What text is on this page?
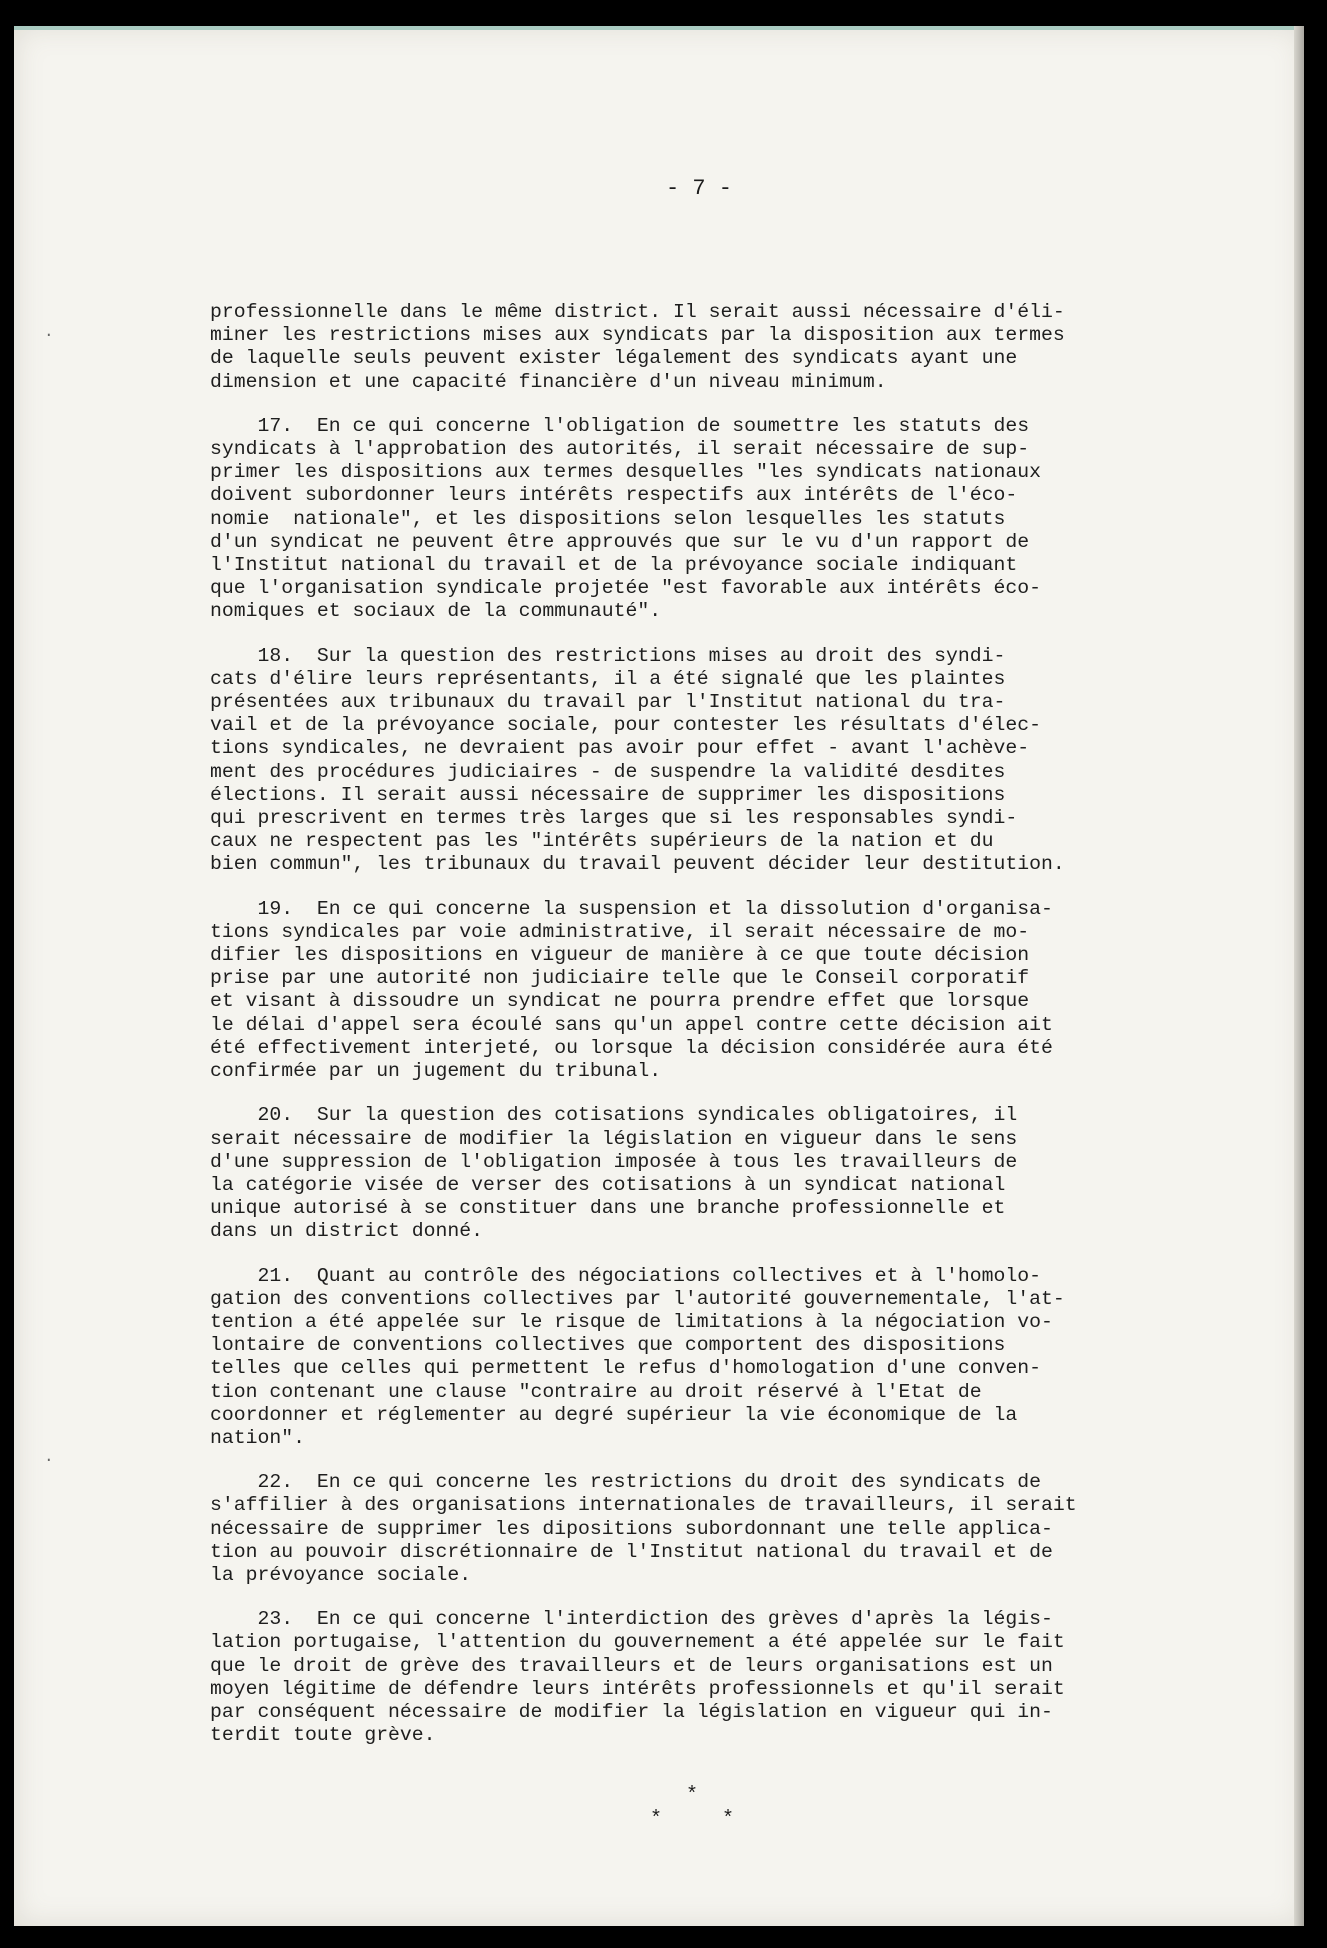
- 7 -
·
·
professionnelle dans le même district. Il serait aussi nécessaire d'éli-
miner les restrictions mises aux syndicats par la disposition aux termes
de laquelle seuls peuvent exister légalement des syndicats ayant une
dimension et une capacité financière d'un niveau minimum.
17.  En ce qui concerne l'obligation de soumettre les statuts des
syndicats à l'approbation des autorités, il serait nécessaire de sup-
primer les dispositions aux termes desquelles "les syndicats nationaux
doivent subordonner leurs intérêts respectifs aux intérêts de l'éco-
nomie  nationale", et les dispositions selon lesquelles les statuts
d'un syndicat ne peuvent être approuvés que sur le vu d'un rapport de
l'Institut national du travail et de la prévoyance sociale indiquant
que l'organisation syndicale projetée "est favorable aux intérêts éco-
nomiques et sociaux de la communauté".
18.  Sur la question des restrictions mises au droit des syndi-
cats d'élire leurs représentants, il a été signalé que les plaintes
présentées aux tribunaux du travail par l'Institut national du tra-
vail et de la prévoyance sociale, pour contester les résultats d'élec-
tions syndicales, ne devraient pas avoir pour effet - avant l'achève-
ment des procédures judiciaires - de suspendre la validité desdites
élections. Il serait aussi nécessaire de supprimer les dispositions
qui prescrivent en termes très larges que si les responsables syndi-
caux ne respectent pas les "intérêts supérieurs de la nation et du
bien commun", les tribunaux du travail peuvent décider leur destitution.
19.  En ce qui concerne la suspension et la dissolution d'organisa-
tions syndicales par voie administrative, il serait nécessaire de mo-
difier les dispositions en vigueur de manière à ce que toute décision
prise par une autorité non judiciaire telle que le Conseil corporatif
et visant à dissoudre un syndicat ne pourra prendre effet que lorsque
le délai d'appel sera écoulé sans qu'un appel contre cette décision ait
été effectivement interjeté, ou lorsque la décision considérée aura été
confirmée par un jugement du tribunal.
20.  Sur la question des cotisations syndicales obligatoires, il
serait nécessaire de modifier la législation en vigueur dans le sens
d'une suppression de l'obligation imposée à tous les travailleurs de
la catégorie visée de verser des cotisations à un syndicat national
unique autorisé à se constituer dans une branche professionnelle et
dans un district donné.
21.  Quant au contrôle des négociations collectives et à l'homolo-
gation des conventions collectives par l'autorité gouvernementale, l'at-
tention a été appelée sur le risque de limitations à la négociation vo-
lontaire de conventions collectives que comportent des dispositions
telles que celles qui permettent le refus d'homologation d'une conven-
tion contenant une clause "contraire au droit réservé à l'Etat de
coordonner et réglementer au degré supérieur la vie économique de la
nation".
22.  En ce qui concerne les restrictions du droit des syndicats de
s'affilier à des organisations internationales de travailleurs, il serait
nécessaire de supprimer les dipositions subordonnant une telle applica-
tion au pouvoir discrétionnaire de l'Institut national du travail et de
la prévoyance sociale.
23.  En ce qui concerne l'interdiction des grèves d'après la légis-
lation portugaise, l'attention du gouvernement a été appelée sur le fait
que le droit de grève des travailleurs et de leurs organisations est un
moyen légitime de défendre leurs intérêts professionnels et qu'il serait
par conséquent nécessaire de modifier la législation en vigueur qui in-
terdit toute grève.
*
*	*
